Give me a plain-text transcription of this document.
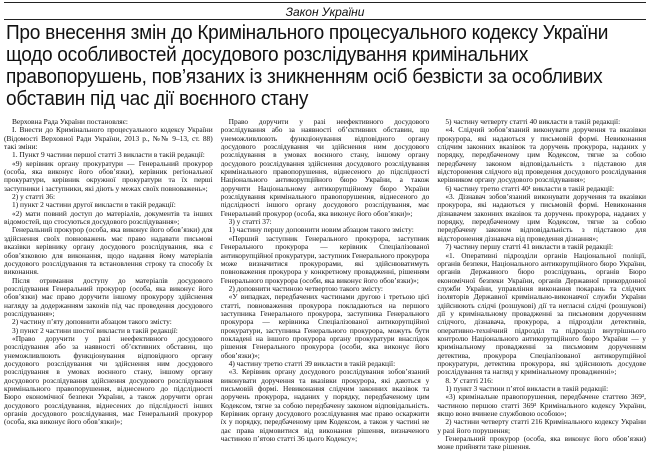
Закон України
Про внесення змін до Кримінального процесуального кодексу України щодо особливостей досудового розслідування кримінальних правопорушень, пов’язаних із зникненням осіб безвісти за особливих обставин під час дії воєнного стану

Верховна Рада України постановляє:

I. Внести до Кримінального процесуального кодексу України (Відомості Верховної Ради України, 2013 р., №№ 9–13, ст. 88) такі зміни:

1. Пункт 9 частини першої статті 3 викласти в такій редакції:

«9) керівник органу прокуратури — Генеральний прокурор (особа, яка виконує його обов’язки), керівник регіональної прокуратури, керівник окружної прокуратури та їх перші заступники і заступники, які діють у межах своїх повноважень»;

2) у статті 36:

1) пункт 2 частини другої викласти в такій редакції:

«2) мати повний доступ до матеріалів, документів та інших відомостей, що стосуються досудового розслідування»;

Генеральний прокурор (особа, яка виконує його обов’язки) для здійснення своїх повноважень має право надавати письмові вказівки керівнику органу досудового розслідування, яка є обов’язковою для виконання, щодо надання йому матеріалів досудового розслідування та встановлення строку та способу їх виконання.

Після отримання доступу до матеріалів досудового розслідування Генеральний прокурор (особа, яка виконує його обов’язки) має право доручити іншому прокурору здійснення нагляду за додержанням законів під час проведення досудового розслідування»;

2) частину п’яту доповнити абзацом такого змісту:

3) пункт 2 частини шостої викласти в такій редакції:

«Право доручити у разі неефективного досудового розслідування або за наявності об’єктивних обставин, що унеможливлюють функціонування відповідного органу досудового розслідування чи здійснення ним досудового розслідування в умовах воєнного стану, іншому органу досудового розслідування здійснення досудового розслідування кримінального правопорушення, віднесеного до підслідності Бюро економічної безпеки України, а також доручити орган досудового розслідування, віднесених до підслідності інших органів досудового розслідування, має Генеральний прокурор (особа, яка виконує його обов’язки)»;

Право доручити у разі неефективного досудового розслідування або за наявності об’єктивних обставин, що унеможливлюють функціонування відповідного органу досудового розслідування чи здійснення ним досудового розслідування в умовах воєнного стану, іншому органу досудового розслідування здійснення досудового розслідування кримінального правопорушення, віднесеного до підслідності Національного антикорупційного бюро України, а також доручити Національному антикорупційному бюро України розслідування кримінального правопорушення, віднесеного до підслідності іншого органу досудового розслідування, має Генеральний прокурор (особа, яка виконує його обов’язки)»;

3) у статті 37:

1) частину першу доповнити новим абзацом такого змісту:

«Перший заступник Генерального прокурора, заступник Генерального прокурора — керівник Спеціалізованої антикорупційної прокуратури, заступник Генерального прокурора може визначитися прокурорами, які здійснюватимуть повноваження прокурора у конкретному провадженні, рішенням Генерального прокурора (особи, яка виконує його обов’язки)»;

2) доповнити частиною четвертою такого змісту:

«У випадках, передбачених частинами другою і третьою цієї статті, повноваження прокурора покладаються на першого заступника Генерального прокурора, заступника Генерального прокурора — керівника Спеціалізованої антикорупційної прокуратури, заступника Генерального прокурора, можуть бути покладені на іншого прокурора органу прокуратури внаслідок рішення Генерального прокурора (особи, яка виконує його обов’язки)»;

4) частину третю статті 39 викласти в такій редакції:

«3. Керівник органу досудового розслідування зобов’язаний виконувати доручення та вказівки прокурора, які даються у письмовій формі. Невиконання слідчим законних вказівок та доручень прокурора, наданих у порядку, передбаченому цим Кодексом, тягне за собою передбачену законом відповідальність. Керівник органу досудового розслідування має право оскаржити їх у порядку, передбаченому цим Кодексом, а також у частині не дає права відмовитися від виконання рішення, визначеного частиною п’ятою статті 36 цього Кодексу»;

5) частину четверту статті 40 викласти в такій редакції:

«4. Слідчий зобов’язаний виконувати доручення та вказівки прокурора, які надаються у письмовій формі. Невиконання слідчим законних вказівок та доручень прокурора, наданих у порядку, передбаченому цим Кодексом, тягне за собою передбачену законом відповідальність з підставою для відсторонення слідчого від проведення досудового розслідування керівником органу досудового розслідування»;

6) частину третю статті 40¹ викласти в такій редакції:

«3. Дізнавач зобов’язаний виконувати доручення та вказівки прокурора, які надаються у письмовій формі. Невиконання дізнавачем законних вказівок та доручень прокурора, наданих у порядку, передбаченому цим Кодексом, тягне за собою передбачену законом відповідальність з підставою для відсторонення дізнавача від проведення дізнання»;

7) частину першу статті 41 викласти в такій редакції:

«1. Оперативні підрозділи органів Національної поліції, органів безпеки, Національного антикорупційного бюро України, органів Державного бюро розслідувань, органів Бюро економічної безпеки України, органів Державної прикордонної служби України, управління виконання покарань та слідчих ізоляторів Державної кримінально-виконавчої служби України здійснюють слідчі (розшукові) дії та негласні слідчі (розшукові) дії у кримінальному провадженні за письмовим дорученням слідчого, дізнавача, прокурора, а підрозділи детективів, оперативно-технічний підрозділ та підрозділ внутрішнього контролю Національного антикорупційного бюро України — у кримінальному провадженні за письмовим дорученням детектива, прокурора Спеціалізованої антикорупційної прокуратури, детектива прокурора, які здійснюють досудове розслідування та нагляд у кримінальному провадженні»;

8. У статті 216:

1) пункт 3 частини п’ятої викласти в такій редакції:

«3) кримінальне правопорушення, передбачене статтею 369², частиною першою статті 369³ Кримінального кодексу України, якщо воно вчинене службовою особою»;

2) частини четверту статті 216 Кримінального кодексу України у разі його порушення;

Генеральний прокурор (особа, яка виконує його обов’язки) може прийняти таке рішення.
